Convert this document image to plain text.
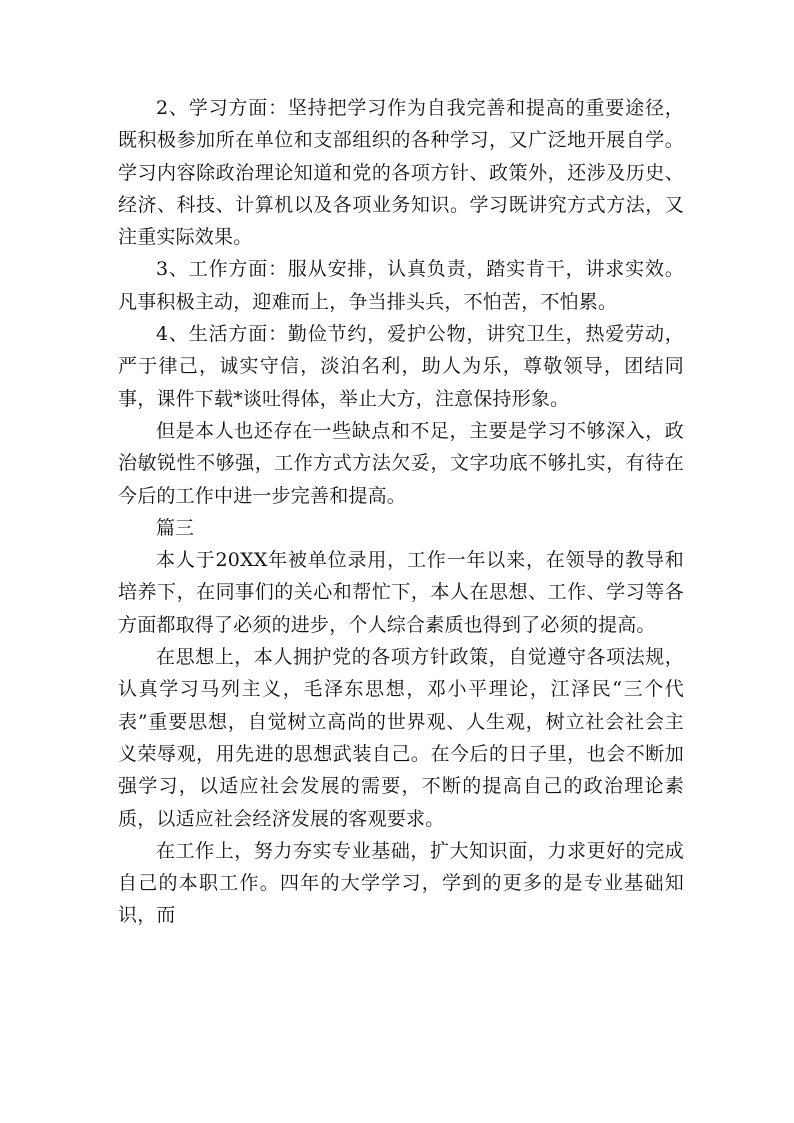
2、学习方面：坚持把学习作为自我完善和提高的重要途径，既积极参加所在单位和支部组织的各种学习，又广泛地开展自学。学习内容除政治理论知道和党的各项方针、政策外，还涉及历史、经济、科技、计算机以及各项业务知识。学习既讲究方式方法，又注重实际效果。

3、工作方面：服从安排，认真负责，踏实肯干，讲求实效。凡事积极主动，迎难而上，争当排头兵，不怕苦，不怕累。

4、生活方面：勤俭节约，爱护公物，讲究卫生，热爱劳动，严于律己，诚实守信，淡泊名利，助人为乐，尊敬领导，团结同事，课件下载*谈吐得体，举止大方，注意保持形象。

但是本人也还存在一些缺点和不足，主要是学习不够深入，政治敏锐性不够强，工作方式方法欠妥，文字功底不够扎实，有待在今后的工作中进一步完善和提高。

篇三

本人于20XX年被单位录用，工作一年以来，在领导的教导和培养下，在同事们的关心和帮忙下，本人在思想、工作、学习等各方面都取得了必须的进步，个人综合素质也得到了必须的提高。

在思想上，本人拥护党的各项方针政策，自觉遵守各项法规，认真学习马列主义，毛泽东思想，邓小平理论，江泽民“三个代表”重要思想，自觉树立高尚的世界观、人生观，树立社会社会主义荣辱观，用先进的思想武装自己。在今后的日子里，也会不断加强学习，以适应社会发展的需要，不断的提高自己的政治理论素质，以适应社会经济发展的客观要求。

在工作上，努力夯实专业基础，扩大知识面，力求更好的完成自己的本职工作。四年的大学学习，学到的更多的是专业基础知识，而
